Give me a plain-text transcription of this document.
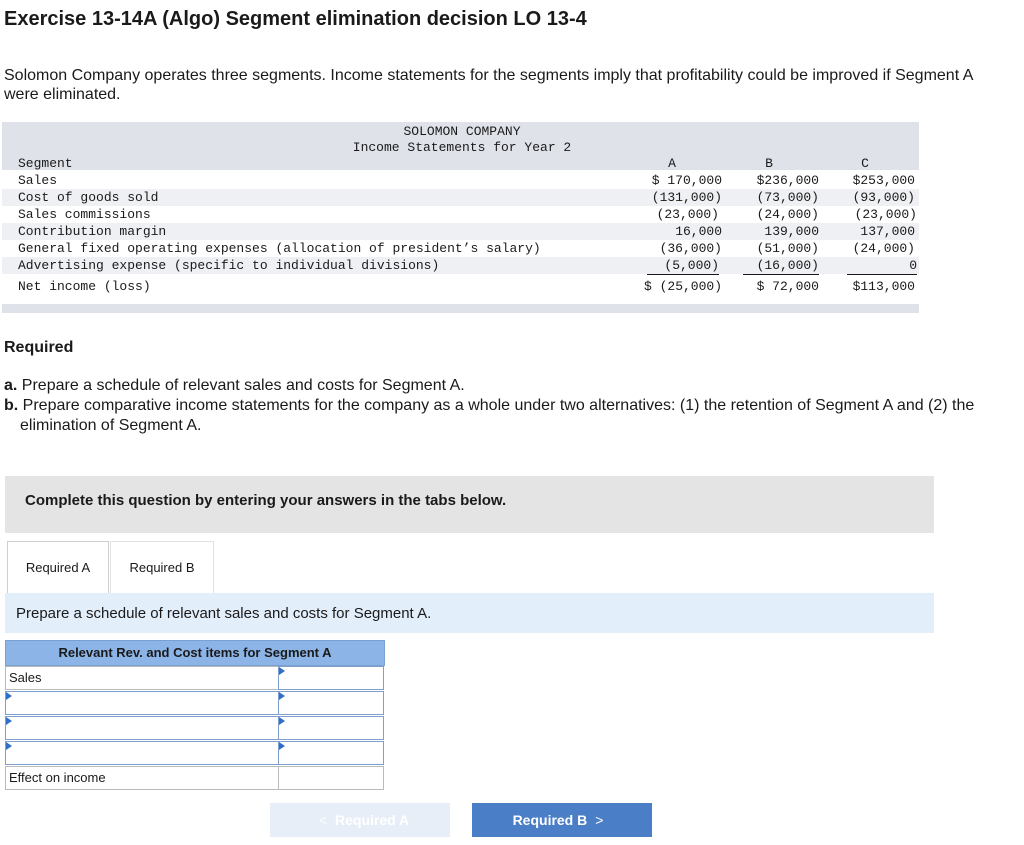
Exercise 13-14A (Algo) Segment elimination decision LO 13-4

Solomon Company operates three segments. Income statements for the segments imply that profitability could be improved if Segment A were eliminated.

SOLOMON COMPANY
Income Statements for Year 2
Segment	A	B	C
Sales	$ 170,000	$236,000	$253,000
Cost of goods sold	(131,000)	(73,000)	(93,000)
Sales commissions	(23,000)	(24,000)	(23,000)
Contribution margin	16,000	139,000	137,000
General fixed operating expenses (allocation of president’s salary)	(36,000)	(51,000)	(24,000)
Advertising expense (specific to individual divisions)	(5,000)	(16,000)	0
Net income (loss)	$ (25,000)	$ 72,000	$113,000
Required
a. Prepare a schedule of relevant sales and costs for Segment A.
b. Prepare comparative income statements for the company as a whole under two alternatives: (1) the retention of Segment A and (2) the elimination of Segment A.
Complete this question by entering your answers in the tabs below.
Required A	Required B
Prepare a schedule of relevant sales and costs for Segment A.
Relevant Rev. and Cost items for Segment A
Sales
Effect on income
< Required A	Required B >
